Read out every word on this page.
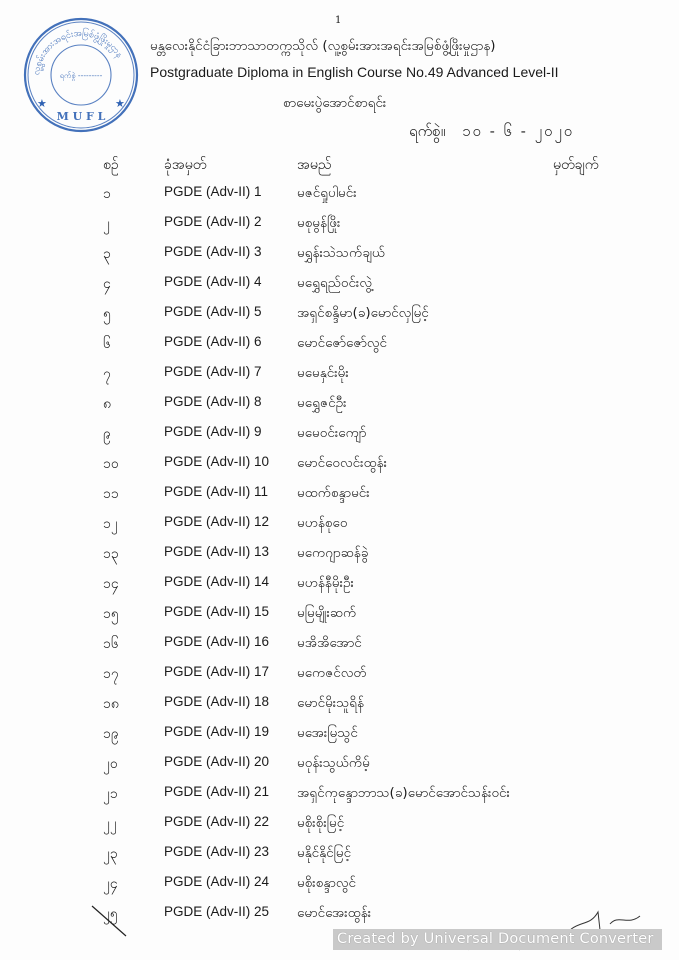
1
လူ့စွမ်းအားအရင်းအမြစ်ဖွံ့ဖြိုးမှုဌာန
ရက်စွဲ ---------
M U F L
★	★
မန္တလေးနိုင်ငံခြားဘာသာတက္ကသိုလ် (လူ့စွမ်းအားအရင်းအမြစ်ဖွံ့ဖြိုးမှုဌာန)
Postgraduate Diploma in English Course No.49 Advanced Level-II
စာမေးပွဲအောင်စာရင်း
ရက်စွဲ။ ၁၀ - ၆ - ၂၀၂၀
စဉ်	ခုံအမှတ်	အမည်	မှတ်ချက်
၁	PGDE (Adv-II) 1	မဇင်ရှုပါမင်း
၂	PGDE (Adv-II) 2	မစုမွန်ဖြိုး
၃	PGDE (Adv-II) 3	မရွှန်းသဲသက်ချယ်
၄	PGDE (Adv-II) 4	မရွှေရည်ဝင်းလွဲ့
၅	PGDE (Adv-II) 5	အရှင်စန္ဒိမာ(ခ)မောင်လှမြင့်
၆	PGDE (Adv-II) 6	မောင်ဇော်ဇော်လွင်
၇	PGDE (Adv-II) 7	မမေနှင်းမိုး
၈	PGDE (Adv-II) 8	မရွှေဇင်ဦး
၉	PGDE (Adv-II) 9	မမေဝင်းကျော်
၁၀	PGDE (Adv-II) 10 မောင်ဝေလင်းထွန်း
၁၁	PGDE (Adv-II) 11 မထက်စန္ဒာမင်း
၁၂	PGDE (Adv-II) 12 မဟန်စုဝေ
၁၃	PGDE (Adv-II) 13 မကေဂျာဆန်ခွဲ
၁၄	PGDE (Adv-II) 14 မဟန်နီမိုးဦး
၁၅	PGDE (Adv-II) 15 မမြမျိုးဆက်
၁၆	PGDE (Adv-II) 16 မအိအိအောင်
၁၇	PGDE (Adv-II) 17 မကေဇင်လတ်
၁၈	PGDE (Adv-II) 18 မောင်မိုးသူရိန်
၁၉	PGDE (Adv-II) 19 မအေးမြသွင်
၂၀	PGDE (Adv-II) 20 မဝုန်းသွယ်ကိမ့်
၂၁	PGDE (Adv-II) 21 အရှင်ကုန္ဒောဘာသ(ခ)မောင်အောင်သန်းဝင်း
၂၂	PGDE (Adv-II) 22 မစိုးစိုးမြင့်
၂၃	PGDE (Adv-II) 23 မနိုင်နိုင်မြင့်
၂၄	PGDE (Adv-II) 24 မစိုးစန္ဒာလွင်
၂၅	PGDE (Adv-II) 25 မောင်အေးထွန်း
Created by Universal Document Converter
